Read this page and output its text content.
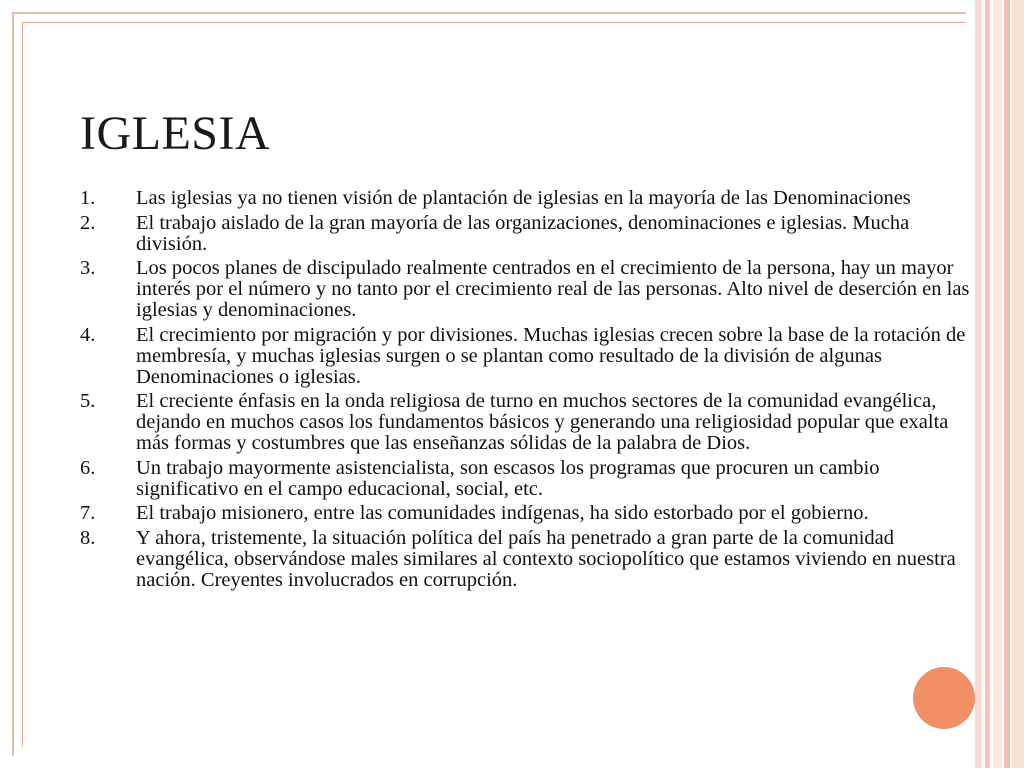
IGLESIA
1.	Las iglesias ya no tienen visión de plantación de iglesias en la mayoría de las Denominaciones
2.	El trabajo aislado de la gran mayoría de las organizaciones, denominaciones e iglesias. Mucha división.
3.	Los pocos planes de discipulado realmente centrados en el crecimiento de la persona, hay un mayor interés por el número y no tanto por el crecimiento real de las personas. Alto nivel de deserción en las iglesias y denominaciones.
4.	El crecimiento por migración y por divisiones. Muchas iglesias crecen sobre la base de la rotación de membresía, y muchas iglesias surgen o se plantan como resultado de la división de algunas Denominaciones o iglesias.
5.	El creciente énfasis en la onda religiosa de turno en muchos sectores de la comunidad evangélica, dejando en muchos casos los fundamentos básicos y generando una religiosidad popular que exalta más formas y costumbres que las enseñanzas sólidas de la palabra de Dios.
6.	Un trabajo mayormente asistencialista, son escasos los programas que procuren un cambio significativo en el campo educacional, social, etc.
7.	El trabajo misionero, entre las comunidades indígenas, ha sido estorbado por el gobierno.
8.	Y ahora, tristemente, la situación política del país ha penetrado a gran parte de la comunidad evangélica, observándose males similares al contexto sociopolítico que estamos viviendo en nuestra nación. Creyentes involucrados en corrupción.
